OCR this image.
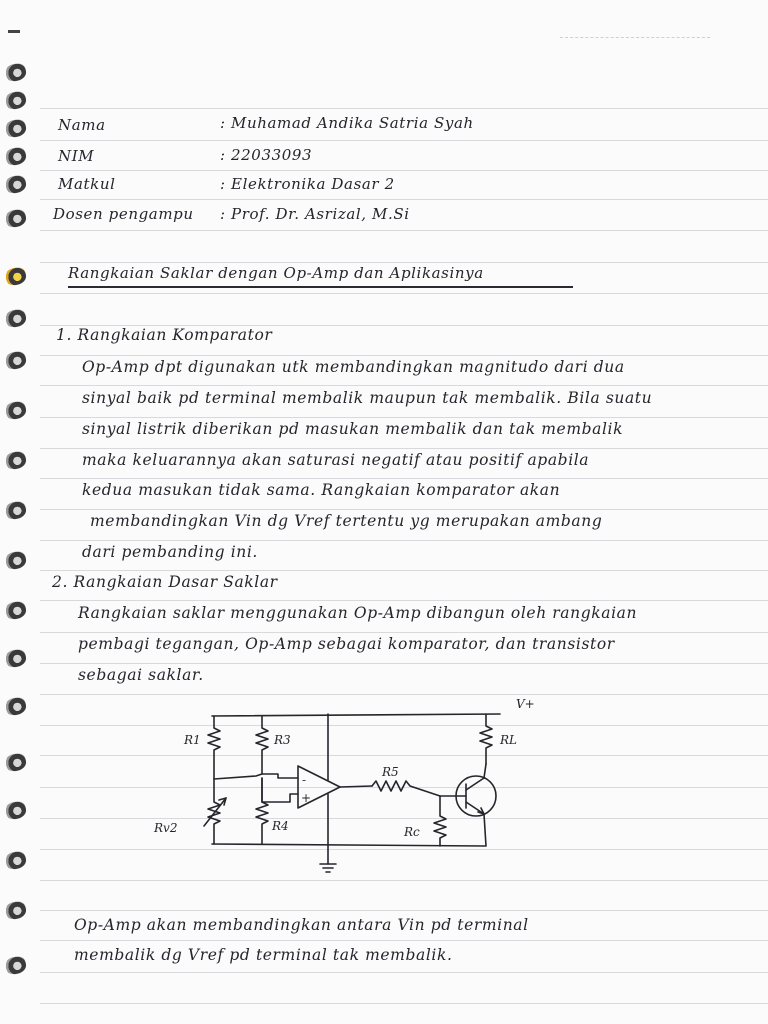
Nama	: Muhamad Andika Satria Syah
NIM	: 22033093
Matkul	: Elektronika Dasar 2
Dosen pengampu : Prof. Dr. Asrizal, M.Si
Rangkaian Saklar dengan Op-Amp dan Aplikasinya
1. Rangkaian Komparator
Op-Amp dpt digunakan utk membandingkan magnitudo dari dua
sinyal baik pd terminal membalik maupun tak membalik. Bila suatu
sinyal listrik diberikan pd masukan membalik dan tak membalik
maka keluarannya akan saturasi negatif atau positif apabila
kedua masukan tidak sama. Rangkaian komparator akan
membandingkan Vin dg Vref tertentu yg merupakan ambang
dari pembanding ini.
2. Rangkaian Dasar Saklar
Rangkaian saklar menggunakan Op-Amp dibangun oleh rangkaian
pembagi tegangan, Op-Amp sebagai komparator, dan transistor
sebagai saklar.
V+
R1	R3	RL
R5
Rv2	R4	Rc
-
+
Op-Amp akan membandingkan antara Vin pd terminal
membalik dg Vref pd terminal tak membalik.
